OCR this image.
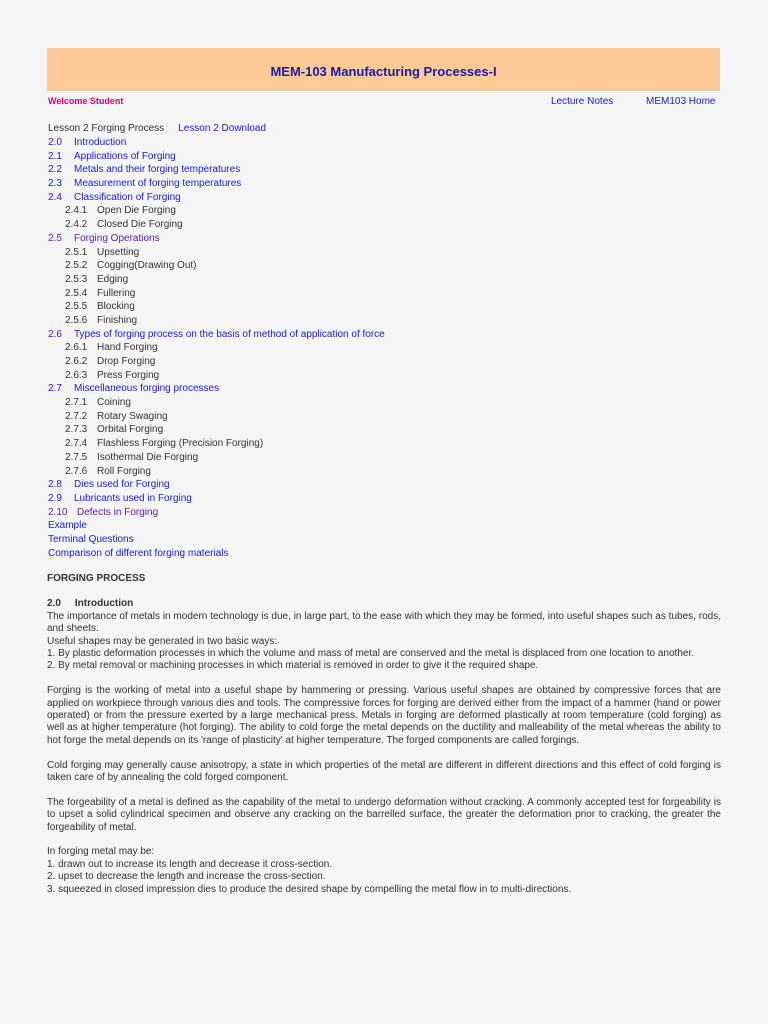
MEM-103 Manufacturing Processes-I
Welcome Student	Lecture Notes	MEM103 Home
Lesson 2 Forging Process Lesson 2 Download
2.0 Introduction
2.1 Applications of Forging
2.2 Metals and their forging temperatures
2.3 Measurement of forging temperatures
2.4 Classification of Forging
2.4.1 Open Die Forging
2.4.2 Closed Die Forging
2.5 Forging Operations
2.5.1 Upsetting
2.5.2 Cogging(Drawing Out)
2.5.3 Edging
2.5.4 Fullering
2.5.5 Blocking
2.5.6 Finishing
2.6 Types of forging process on the basis of method of application of force
2.6.1 Hand Forging
2.6.2 Drop Forging
2.6.3 Press Forging
2.7 Miscellaneous forging processes
2.7.1 Coining
2.7.2 Rotary Swaging
2.7.3 Orbital Forging
2.7.4 Flashless Forging (Precision Forging)
2.7.5 Isothermal Die Forging
2.7.6 Roll Forging
2.8 Dies used for Forging
2.9 Lubricants used in Forging
2.10 Defects in Forging
Example
Terminal Questions
Comparison of different forging materials
FORGING PROCESS
2.0 Introduction
The importance of metals in modern technology is due, in large part, to the ease with which they may be formed, into useful shapes such as tubes, rods, and sheets.
Useful shapes may be generated in two basic ways:
1. By plastic deformation processes in which the volume and mass of metal are conserved and the metal is displaced from one location to another.
2. By metal removal or machining processes in which material is removed in order to give it the required shape.
Forging is the working of metal into a useful shape by hammering or pressing. Various useful shapes are obtained by compressive forces that are applied on workpiece through various dies and tools. The compressive forces for forging are derived either from the impact of a hammer (hand or power operated) or from the pressure exerted by a large mechanical press. Metals in forging are deformed plastically at room temperature (cold forging) as well as at higher temperature (hot forging). The ability to cold forge the metal depends on the ductility and malleability of the metal whereas the ability to hot forge the metal depends on its 'range of plasticity' at higher temperature. The forged components are called forgings.
Cold forging may generally cause anisotropy, a state in which properties of the metal are different in different directions and this effect of cold forging is taken care of by annealing the cold forged component.
The forgeability of a metal is defined as the capability of the metal to undergo deformation without cracking. A commonly accepted test for forgeability is to upset a solid cylindrical specimen and observe any cracking on the barrelled surface, the greater the deformation prior to cracking, the greater the forgeability of metal.
In forging metal may be:
1. drawn out to increase its length and decrease it cross-section.
2. upset to decrease the length and increase the cross-section.
3. squeezed in closed impression dies to produce the desired shape by compelling the metal flow in to multi-directions.
